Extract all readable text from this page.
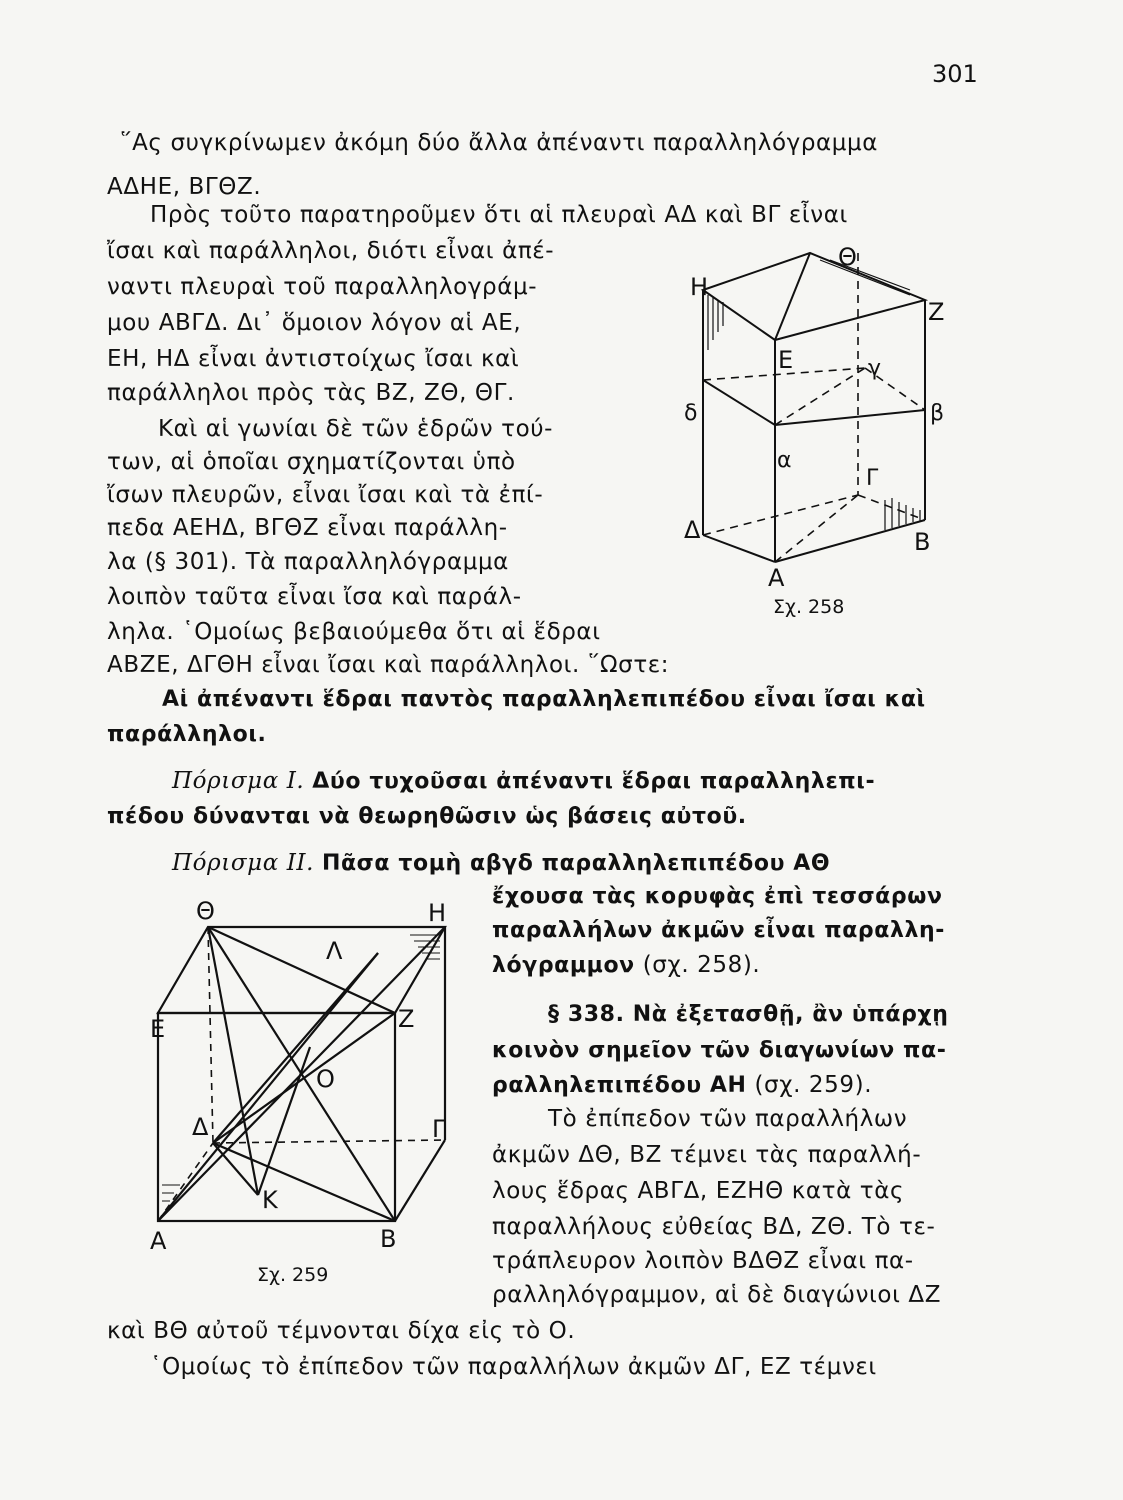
301
῞Ας συγκρίνωμεν ἀκόμη δύο ἄλλα ἀπέναντι παραλληλόγραμμα
ΑΔΗΕ, ΒΓΘΖ.
Πρὸς τοῦτο παρατηροῦμεν ὅτι αἱ πλευραὶ ΑΔ καὶ ΒΓ εἶναι
ἴσαι καὶ παράλληλοι, διότι εἶναι ἀπέ-
ναντι πλευραὶ τοῦ παραλληλογράμ-
μου ΑΒΓΔ. Δι᾽ ὅμοιον λόγον αἱ ΑΕ,
ΕΗ, ΗΔ εἶναι ἀντιστοίχως ἴσαι καὶ
παράλληλοι πρὸς τὰς ΒΖ, ΖΘ, ΘΓ.
Καὶ αἱ γωνίαι δὲ τῶν ἑδρῶν τού-
των, αἱ ὁποῖαι σχηματίζονται ὑπὸ
ἴσων πλευρῶν, εἶναι ἴσαι καὶ τὰ ἐπί-
πεδα ΑΕΗΔ, ΒΓΘΖ εἶναι παράλλη-
λα (§ 301). Τὰ παραλληλόγραμμα
λοιπὸν ταῦτα εἶναι ἴσα καὶ παράλ-
ληλα. ῾Ομοίως βεβαιούμεθα ὅτι αἱ ἕδραι
ΑΒΖΕ, ΔΓΘΗ εἶναι ἴσαι καὶ παράλληλοι. ῞Ωστε:
Αἱ ἀπέναντι ἕδραι παντὸς παραλληλεπιπέδου εἶναι ἴσαι καὶ
παράλληλοι.
Πόρισμα Ι. Δύο τυχοῦσαι ἀπέναντι ἕδραι παραλληλεπι-
πέδου δύνανται νὰ θεωρηθῶσιν ὡς βάσεις αὐτοῦ.
Πόρισμα ΙΙ. Πᾶσα τομὴ αβγδ παραλληλεπιπέδου ΑΘ
ἔχουσα τὰς κορυφὰς ἐπὶ τεσσάρων
παραλλήλων ἀκμῶν εἶναι παραλλη-
λόγραμμον (σχ. 258).
§ 338. Νὰ ἐξετασθῇ, ἂν ὑπάρχῃ
κοινὸν σημεῖον τῶν διαγωνίων πα-
ραλληλεπιπέδου ΑΗ (σχ. 259).
Τὸ ἐπίπεδον τῶν παραλλήλων
ἀκμῶν ΔΘ, ΒΖ τέμνει τὰς παραλλή-
λους ἕδρας ΑΒΓΔ, ΕΖΗΘ κατὰ τὰς
παραλλήλους εὐθείας ΒΔ, ΖΘ. Τὸ τε-
τράπλευρον λοιπὸν ΒΔΘΖ εἶναι πα-
ραλληλόγραμμον, αἱ δὲ διαγώνιοι ΔΖ
καὶ ΒΘ αὐτοῦ τέμνονται δίχα εἰς τὸ Ο.
῾Ομοίως τὸ ἐπίπεδον τῶν παραλλήλων ἀκμῶν ΔΓ, ΕΖ τέμνει
Η
Θ
Ζ
Ε	γ
δ	β
α
Γ
Δ	Β
Α
Σχ. 258
Θ	Η
Λ
Ε	Ζ
Ο
Δ	Γ
Κ
Α	Β
Σχ. 259
